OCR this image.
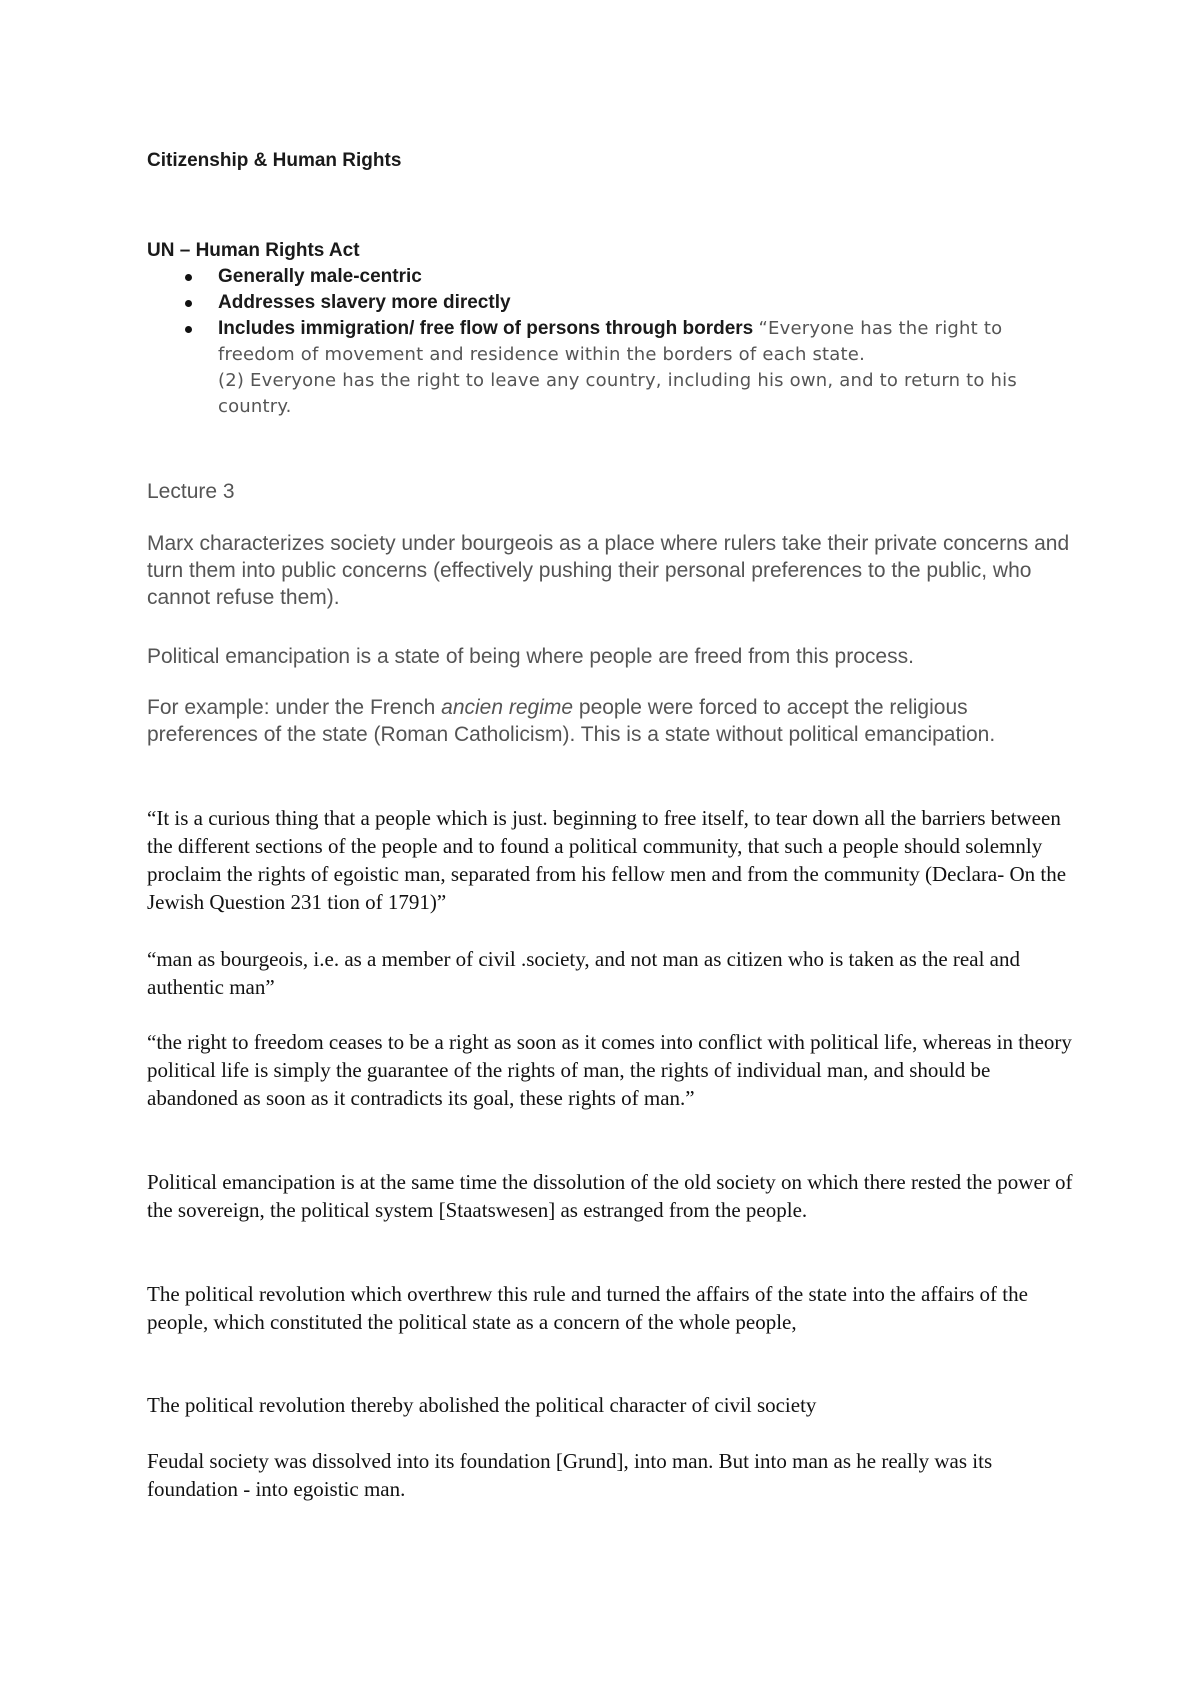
Citizenship & Human Rights
UN – Human Rights Act
Generally male-centric
Addresses slavery more directly
Includes immigration/ free flow of persons through borders “Everyone has the right to freedom of movement and residence within the borders of each state.
(2) Everyone has the right to leave any country, including his own, and to return to his country.

Lecture 3

Marx characterizes society under bourgeois as a place where rulers take their private concerns and turn them into public concerns (effectively pushing their personal preferences to the public, who cannot refuse them).

Political emancipation is a state of being where people are freed from this process.

For example: under the French ancien regime people were forced to accept the religious preferences of the state (Roman Catholicism). This is a state without political emancipation.

“It is a curious thing that a people which is just. beginning to free itself, to tear down all the barriers between the different sections of the people and to found a political community, that such a people should solemnly proclaim the rights of egoistic man, separated from his fellow men and from the community (Declara- On the Jewish Question 231 tion of 1791)”

“man as bourgeois, i.e. as a member of civil .society, and not man as citizen who is taken as the real and authentic man”

“the right to freedom ceases to be a right as soon as it comes into conflict with political life, whereas in theory political life is simply the guarantee of the rights of man, the rights of individual man, and should be abandoned as soon as it contradicts its goal, these rights of man.”

Political emancipation is at the same time the dissolution of the old society on which there rested the power of the sovereign, the political system [Staatswesen] as estranged from the people.

The political revolution which overthrew this rule and turned the affairs of the state into the affairs of the people, which constituted the political state as a concern of the whole people,

The political revolution thereby abolished the political character of civil society

Feudal society was dissolved into its foundation [Grund], into man. But into man as he really was its foundation - into egoistic man.
